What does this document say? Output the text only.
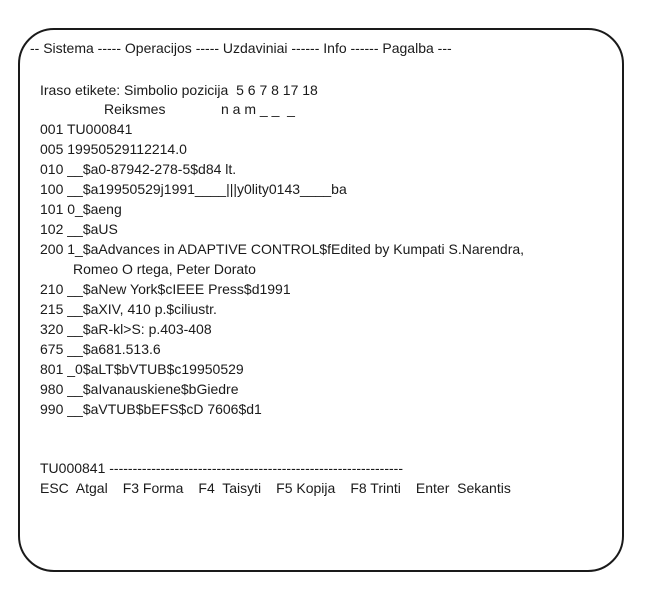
-- Sistema ----- Operacijos ----- Uzdaviniai ------ Info ------ Pagalba ---
Iraso etikete: Simbolio pozicija  5 6 7 8 17 18
Reiksmes	n a m _ _  _
001 TU000841
005 19950529112214.0
010 __$a0-87942-278-5$d84 lt.
100 __$a19950529j1991____|||y0lity0143____ba
101 0_$aeng
102 __$aUS
200 1_$aAdvances in ADAPTIVE CONTROL$fEdited by Kumpati S.Narendra,
Romeo O rtega, Peter Dorato
210 __$aNew York$cIEEE Press$d1991
215 __$aXIV, 410 p.$ciliustr.
320 __$aR-kl>S: p.403-408
675 __$a681.513.6
801 _0$aLT$bVTUB$c19950529
980 __$aIvanauskiene$bGiedre
990 __$aVTUB$bEFS$cD 7606$d1
TU000841 ---------------------------------------------------------------
ESC  Atgal F3 Forma F4  Taisyti F5 Kopija F8 Trinti Enter  Sekantis
